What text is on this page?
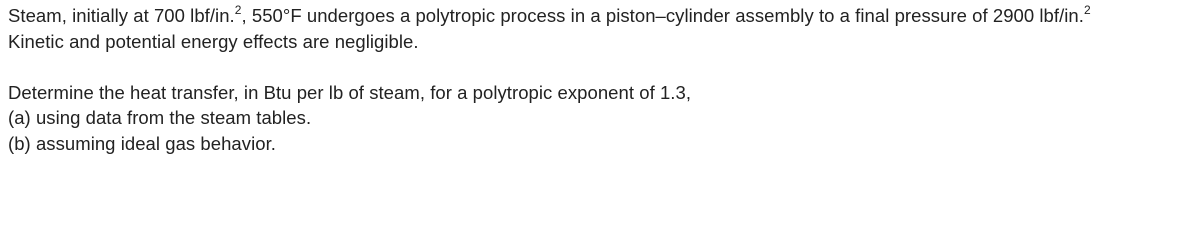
Steam, initially at 700 lbf/in.$^2$, 550°F undergoes a polytropic process in a piston–cylinder assembly to a final pressure of 2900 lbf/in.$^2$
Kinetic and potential energy effects are negligible.
Determine the heat transfer, in Btu per lb of steam, for a polytropic exponent of 1.3,
(a) using data from the steam tables.
(b) assuming ideal gas behavior.
